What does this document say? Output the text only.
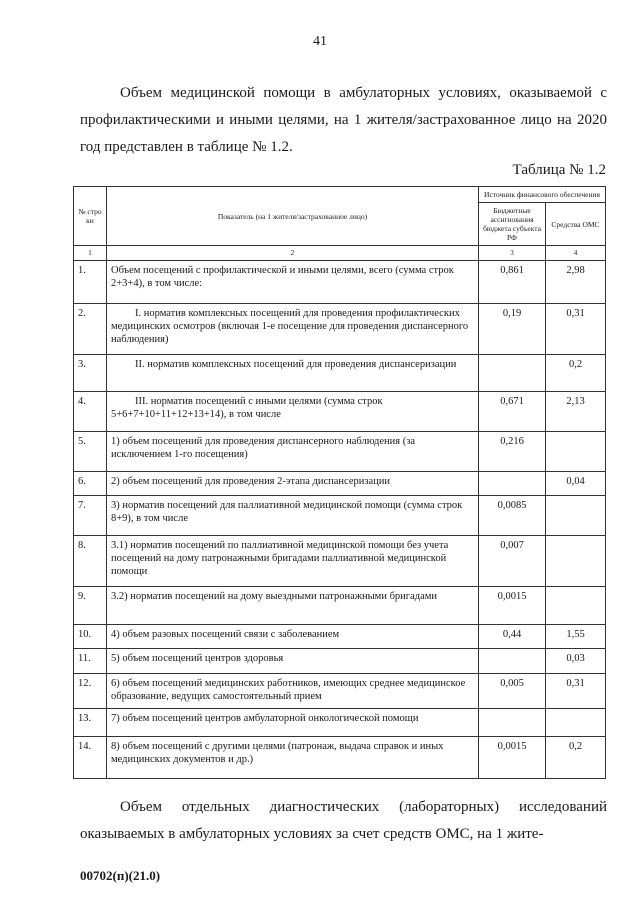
41

Объем медицинской помощи в амбулаторных условиях, оказываемой с профилактическими и иными целями, на 1 жителя/застрахованное лицо на 2020 год представлен в таблице № 1.2.

Таблица № 1.2
№ стро ки	Показатель (на 1 жителя/застрахованное лицо)	Источник финансового обеспечения	
		Бюджетные ассигнования бюджета субъекта РФ	Средства ОМС
1	2	3	4
1.	Объем посещений с профилактической и иными целями, всего (сумма строк 2+3+4), в том числе:	0,861	2,98
2.	I. норматив комплексных посещений для проведения профилактических медицинских осмотров (включая 1-е посещение для проведения диспансерного наблюдения)	0,19	0,31
3.	II. норматив комплексных посещений для проведения диспансеризации		0,2
4.	III. норматив посещений с иными целями (сумма строк 5+6+7+10+11+12+13+14), в том числе	0,671	2,13
5.	1) объем посещений для проведения диспансерного наблюдения (за исключением 1-го посещения)	0,216	
6.	2) объем посещений для проведения 2-этапа диспансеризации		0,04
7.	3) норматив посещений для паллиативной медицинской помощи (сумма строк 8+9), в том числе	0,0085	
8.	3.1) норматив посещений по паллиативной медицинской помощи без учета посещений на дому патронажными бригадами паллиативной медицинской помощи	0,007	
9.	3.2) норматив посещений на дому выездными патронажными бригадами	0,0015	
10.	4) объем разовых посещений связи с заболеванием	0,44	1,55
11.	5) объем посещений центров здоровья		0,03
12.	6) объем посещений медицинских работников, имеющих среднее медицинское образование, ведущих самостоятельный прием	0,005	0,31
13.	7) объем посещений центров амбулаторной онкологической помощи		
14.	8) объем посещений с другими целями (патронаж, выдача справок и иных медицинских документов и др.)	0,0015	0,2

Объем отдельных диагностических (лабораторных) исследований оказываемых в амбулаторных условиях за счет средств ОМС, на 1 жите-

00702(п)(21.0)
